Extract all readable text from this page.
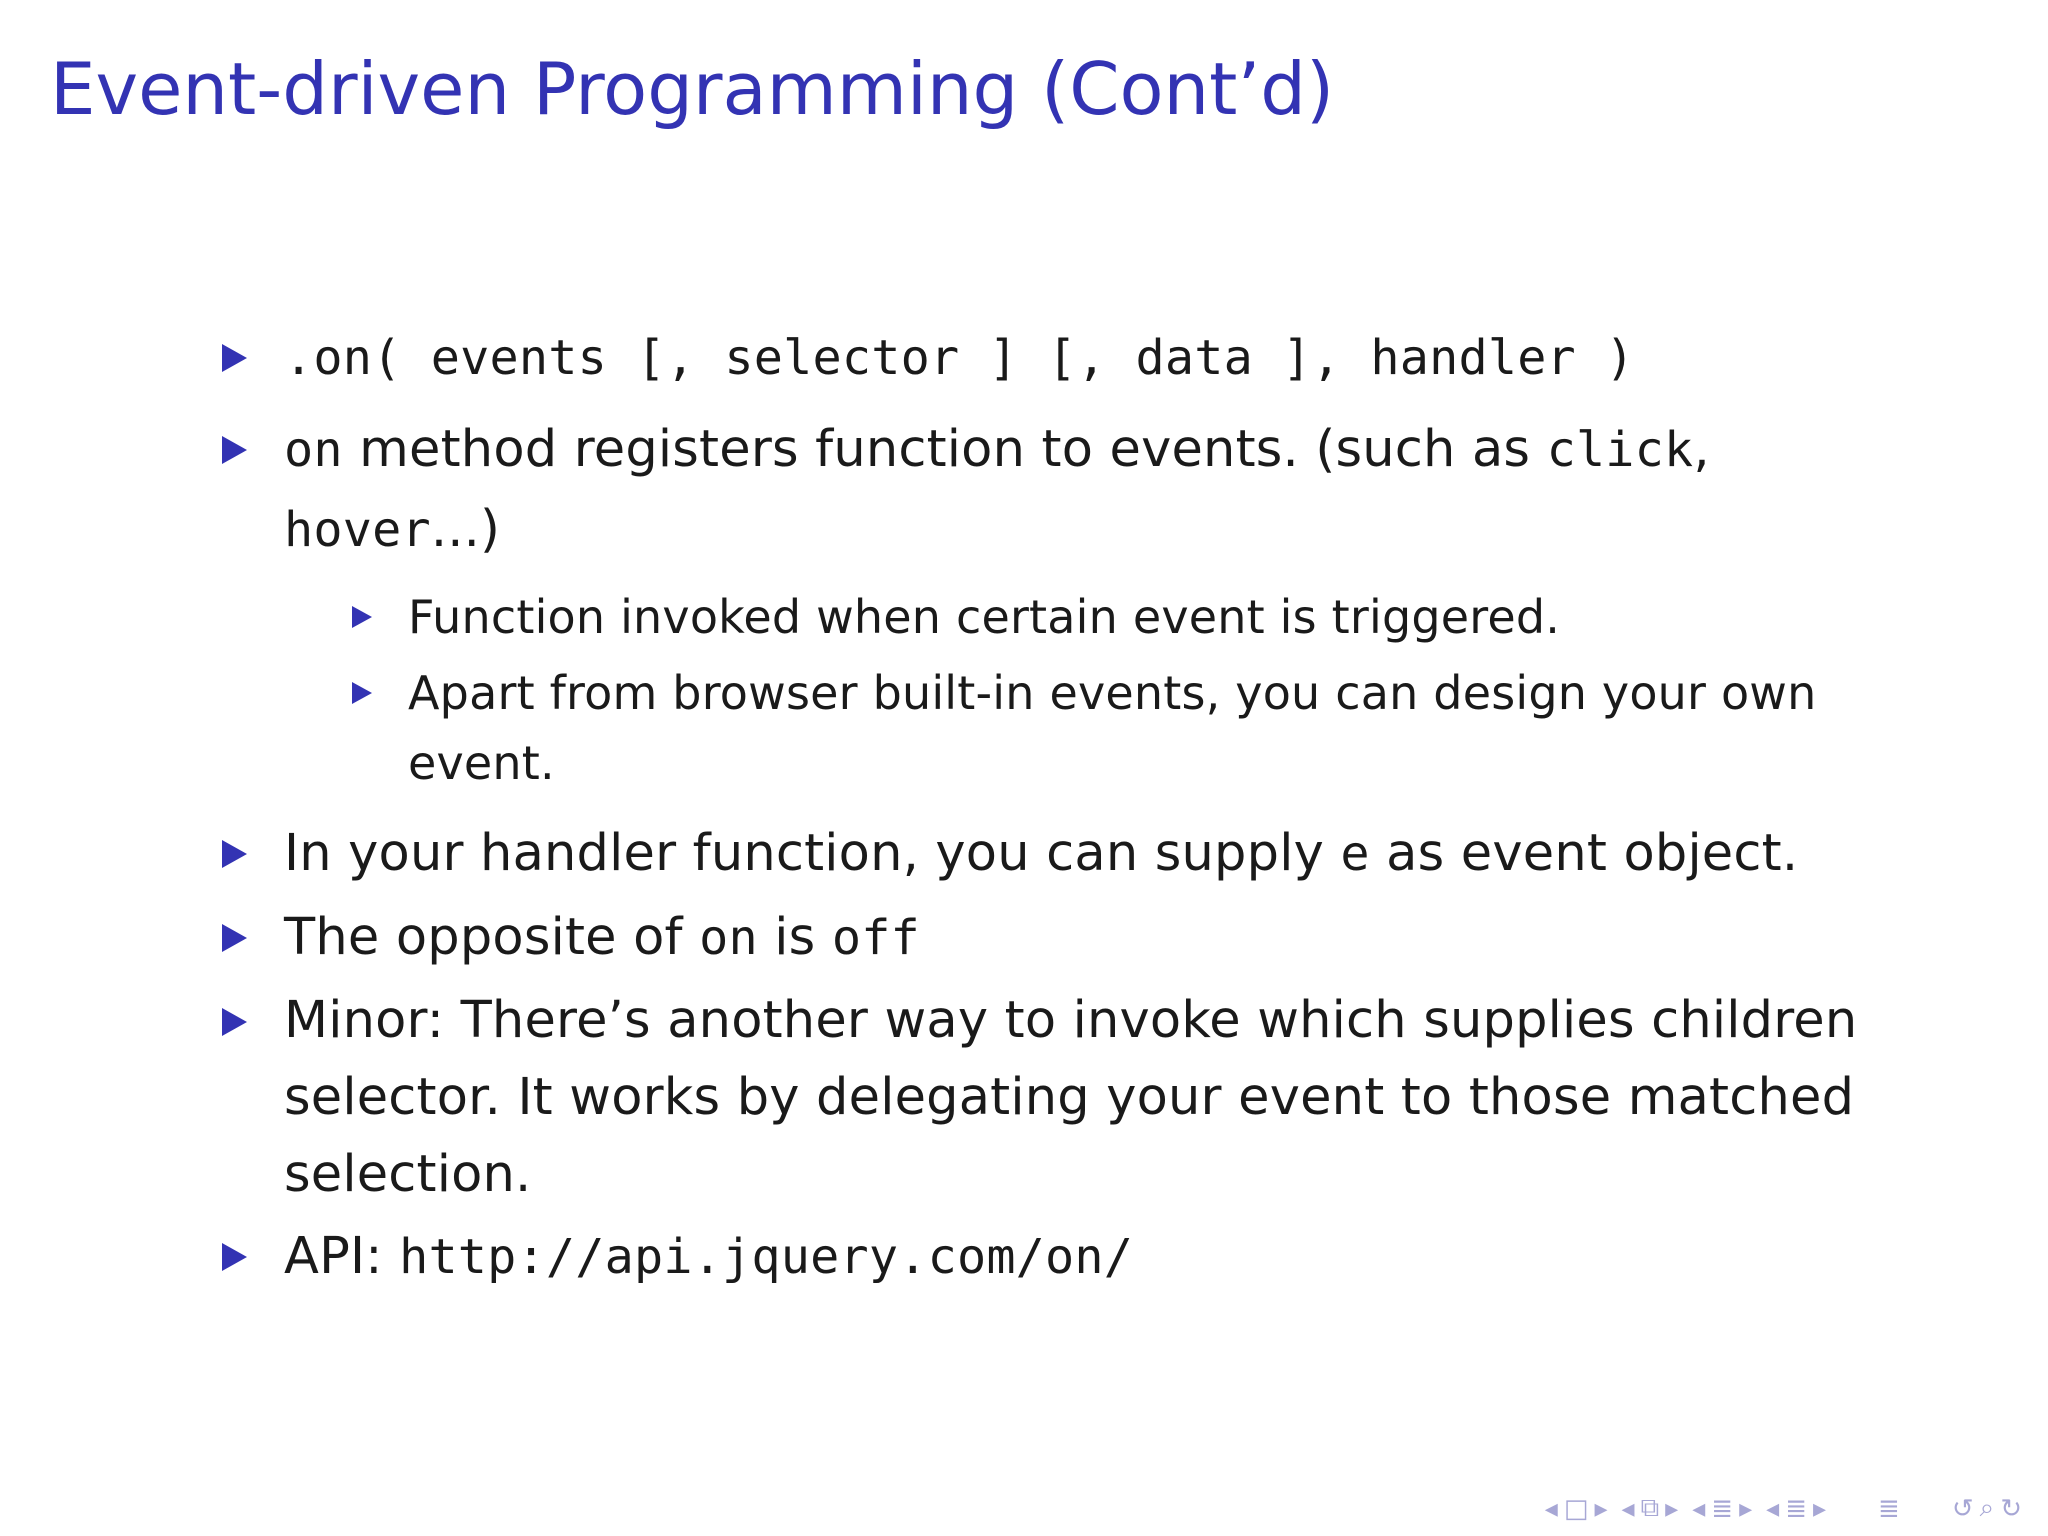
Event-driven Programming (Cont’d)

.on( events [, selector ] [, data ], handler )

on method registers function to events. (such as click, hover...)

Function invoked when certain event is triggered.

Apart from browser built-in events, you can design your own event.

In your handler function, you can supply e as event object.

The opposite of on is off

Minor: There’s another way to invoke which supplies children selector. It works by delegating your event to those matched selection.

API: http://api.jquery.com/on/

◂ □ ▸ ◂ ⧉ ▸ ◂ ≣ ▸ ◂ ≣ ▸ ≣ ↺ ⌕ ↻
